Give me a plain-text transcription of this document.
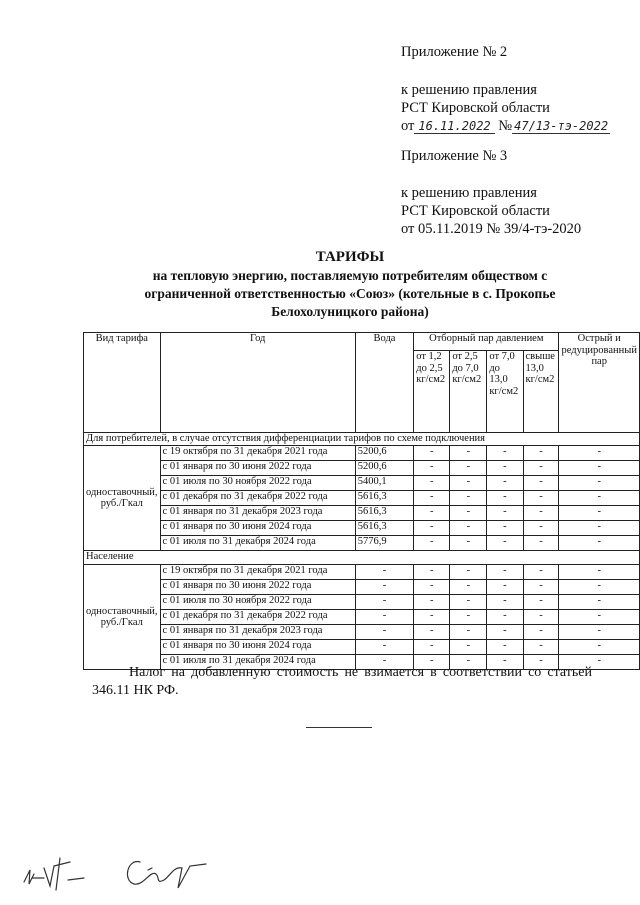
Приложение № 2
к решению правления
РСТ Кировской области
от 16.11.2022 № 47/13-тэ-2022
Приложение № 3
к решению правления
РСТ Кировской области
от 05.11.2019 № 39/4-тэ-2020
ТАРИФЫ
на тепловую энергию, поставляемую потребителям обществом с
ограниченной ответственностью «Союз» (котельные в с. Прокопье
Белохолуницкого района)
Вид тарифа	Год	Вода	Отборный пар давлением				Острый и редуцированный пар
			от 1,2 до 2,5 кг/см2	от 2,5 до 7,0 кг/см2	от 7,0 до 13,0 кг/см2	свыше 13,0 кг/см2	
Для потребителей, в случае отсутствия дифференциации тарифов по схеме подключения							
одноставочный, руб./Гкал	с 19 октября по 31 декабря 2021 года	5200,6	-	-	-	-	-
	с 01 января по 30 июня 2022 года	5200,6	-	-	-	-	-
	с 01 июля по 30 ноября 2022 года	5400,1	-	-	-	-	-
	с 01 декабря по 31 декабря 2022 года	5616,3	-	-	-	-	-
	с 01 января по 31 декабря 2023 года	5616,3	-	-	-	-	-
	с 01 января по 30 июня 2024 года	5616,3	-	-	-	-	-
	с 01 июля по 31 декабря 2024 года	5776,9	-	-	-	-	-
Население							
одноставочный, руб./Гкал	с 19 октября по 31 декабря 2021 года	-	-	-	-	-	-
	с 01 января по 30 июня 2022 года	-	-	-	-	-	-
	с 01 июля по 30 ноября 2022 года	-	-	-	-	-	-
	с 01 декабря по 31 декабря 2022 года	-	-	-	-	-	-
	с 01 января по 31 декабря 2023 года	-	-	-	-	-	-
	с 01 января по 30 июня 2024 года	-	-	-	-	-	-
	с 01 июля по 31 декабря 2024 года	-	-	-	-	-	-
Налог на добавленную стоимость не взимается в соответствии со статьей 346.11 НК РФ.
